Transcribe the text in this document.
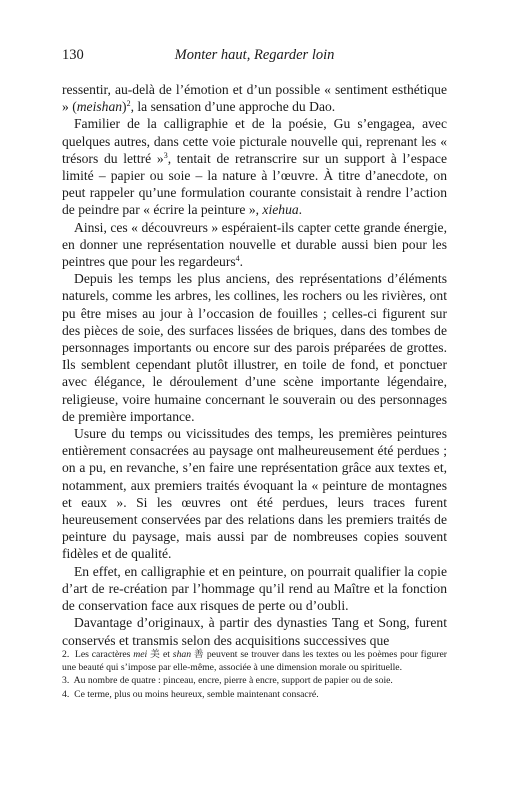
130	Monter haut, Regarder loin

ressentir, au-delà de l’émotion et d’un possible « sentiment esthétique » (meishan)$^2$, la sensation d’une approche du Dao.

Familier de la calligraphie et de la poésie, Gu s’engagea, avec quelques autres, dans cette voie picturale nouvelle qui, reprenant les « trésors du lettré »$^3$, tentait de retranscrire sur un support à l’espace limité – papier ou soie – la nature à l’œuvre. À titre d’anecdote, on peut rappeler qu’une formulation courante consistait à rendre l’action de peindre par « écrire la peinture », xiehua.

Ainsi, ces « découvreurs » espéraient-ils capter cette grande énergie, en donner une représentation nouvelle et durable aussi bien pour les peintres que pour les regardeurs$^4$.

Depuis les temps les plus anciens, des représentations d’éléments naturels, comme les arbres, les collines, les rochers ou les rivières, ont pu être mises au jour à l’occasion de fouilles ; celles-ci figurent sur des pièces de soie, des surfaces lissées de briques, dans des tombes de personnages importants ou encore sur des parois préparées de grottes. Ils semblent cependant plutôt illustrer, en toile de fond, et ponctuer avec élégance, le déroulement d’une scène importante légendaire, religieuse, voire humaine concernant le souverain ou des personnages de première importance.

Usure du temps ou vicissitudes des temps, les premières peintures entièrement consacrées au paysage ont malheureusement été perdues ; on a pu, en revanche, s’en faire une représentation grâce aux textes et, notamment, aux premiers traités évoquant la « peinture de montagnes et eaux ». Si les œuvres ont été perdues, leurs traces furent heureusement conservées par des relations dans les premiers traités de peinture du paysage, mais aussi par de nombreuses copies souvent fidèles et de qualité.

En effet, en calligraphie et en peinture, on pourrait qualifier la copie d’art de re-création par l’hommage qu’il rend au Maître et la fonction de conservation face aux risques de perte ou d’oubli.

Davantage d’originaux, à partir des dynasties Tang et Song, furent conservés et transmis selon des acquisitions successives que

2. Les caractères mei 美 et shan 善 peuvent se trouver dans les textes ou les poèmes pour figurer une beauté qui s’impose par elle-même, associée à une dimension morale ou spirituelle.

3. Au nombre de quatre : pinceau, encre, pierre à encre, support de papier ou de soie.

4. Ce terme, plus ou moins heureux, semble maintenant consacré.
